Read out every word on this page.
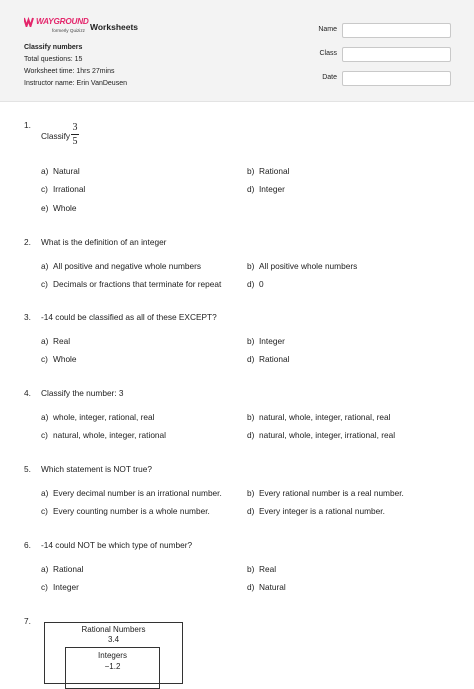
WAYGROUND
formerly Quizizz Worksheets
Classify numbers
Total questions: 15
Worksheet time: 1hrs 27mins
Instructor name: Erin VanDeusen
Name
Class
Date
1.
Classify
3
5
a) Natural	b) Rational
c) Irrational	d) Integer
e) Whole
2. What is the definition of an integer
a) All positive and negative whole numbers	b) All positive whole numbers
c) Decimals or fractions that terminate for repeat	d) 0
3. -14 could be classified as all of these EXCEPT?
a) Real	b) Integer
c) Whole	d) Rational
4. Classify the number: 3
a) whole, integer, rational, real	b) natural, whole, integer, rational, real
c) natural, whole, integer, rational	d) natural, whole, integer, irrational, real
5. Which statement is NOT true?
a) Every decimal number is an irrational number.	b) Every rational number is a real number.
c) Every counting number is a whole number.	d) Every integer is a rational number.
6. -14 could NOT be which type of number?
a) Rational	b) Real
c) Integer	d) Natural
7.
Rational Numbers
3.4
Integers
−1.2
